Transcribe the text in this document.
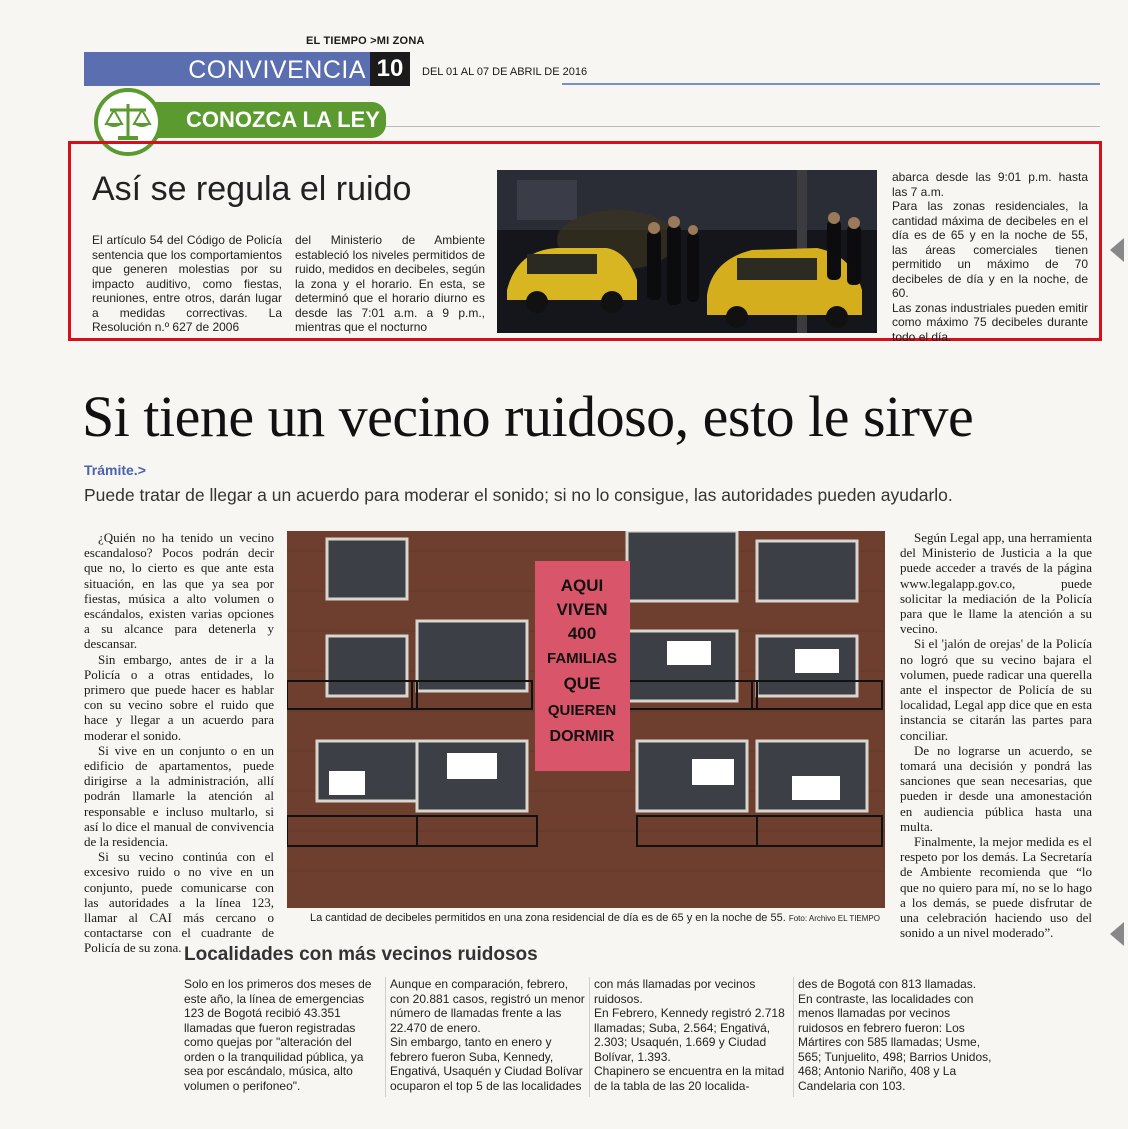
EL TIEMPO >MI ZONA
CONVIVENCIA 10	DEL 01 AL 07 DE ABRIL DE 2016
CONOZCA LA LEY
Así se regula el ruido
El artículo 54 del Código de Policía sentencia que los comportamientos que generen molestias por su impacto auditivo, como fiestas, reuniones, entre otros, darán lugar a medidas correctivas. La Resolución n.º 627 de 2006
del Ministerio de Ambiente estableció los niveles permitidos de ruido, medidos en decibeles, según la zona y el horario. En esta, se determinó que el horario diurno es desde las 7:01 a.m. a 9 p.m., mientras que el nocturno
abarca desde las 9:01 p.m. hasta las 7 a.m.
Para las zonas residenciales, la cantidad máxima de decibeles en el día es de 65 y en la noche de 55, las áreas comerciales tienen permitido un máximo de 70 decibeles de día y en la noche, de 60.
Las zonas industriales pueden emitir como máximo 75 decibeles durante todo el día.
Si tiene un vecino ruidoso, esto le sirve
Trámite.>
Puede tratar de llegar a un acuerdo para moderar el sonido; si no lo consigue, las autoridades pueden ayudarlo.

¿Quién no ha tenido un vecino escandaloso? Pocos podrán decir que no, lo cierto es que ante esta situación, en las que ya sea por fiestas, música a alto volumen o escándalos, existen varias opciones a su alcance para detenerla y descansar.

Sin embargo, antes de ir a la Policía o a otras entidades, lo primero que puede hacer es hablar con su vecino sobre el ruido que hace y llegar a un acuerdo para moderar el sonido.

Si vive en un conjunto o en un edificio de apartamentos, puede dirigirse a la administración, allí podrán llamarle la atención al responsable e incluso multarlo, si así lo dice el manual de convivencia de la residencia.

Si su vecino continúa con el excesivo ruido o no vive en un conjunto, puede comunicarse con las autoridades a la línea 123, llamar al CAI más cercano o contactarse con el cuadrante de Policía de su zona.

AQUI
VIVEN
400
FAMILIAS
QUE
QUIEREN
DORMIR
La cantidad de decibeles permitidos en una zona residencial de día es de 65 y en la noche de 55. Foto: Archivo EL TIEMPO

Según Legal app, una herramienta del Ministerio de Justicia a la que puede acceder a través de la página www.legalapp.gov.co, puede solicitar la mediación de la Policía para que le llame la atención a su vecino.

Si el 'jalón de orejas' de la Policía no logró que su vecino bajara el volumen, puede radicar una querella ante el inspector de Policía de su localidad, Legal app dice que en esta instancia se citarán las partes para conciliar.

De no lograrse un acuerdo, se tomará una decisión y pondrá las sanciones que sean necesarias, que pueden ir desde una amonestación en audiencia pública hasta una multa.

Finalmente, la mejor medida es el respeto por los demás. La Secretaría de Ambiente recomienda que “lo que no quiero para mí, no se lo hago a los demás, se puede disfrutar de una celebración haciendo uso del sonido a un nivel moderado”.

Localidades con más vecinos ruidosos
Solo en los primeros dos meses de este año, la línea de emergencias 123 de Bogotá recibió 43.351 llamadas que fueron registradas como quejas por "alteración del orden o la tranquilidad pública, ya sea por escándalo, música, alto volumen o perifoneo".
Aunque en comparación, febrero, con 20.881 casos, registró un menor número de llamadas frente a las 22.470 de enero.
Sin embargo, tanto en enero y febrero fueron Suba, Kennedy, Engativá, Usaquén y Ciudad Bolívar ocuparon el top 5 de las localidades
con más llamadas por vecinos ruidosos.
En Febrero, Kennedy registró 2.718 llamadas; Suba, 2.564; Engativá, 2.303; Usaquén, 1.669 y Ciudad Bolívar, 1.393.
Chapinero se encuentra en la mitad de la tabla de las 20 localida-
des de Bogotá con 813 llamadas.
En contraste, las localidades con menos llamadas por vecinos ruidosos en febrero fueron: Los Mártires con 585 llamadas; Usme, 565; Tunjuelito, 498; Barrios Unidos, 468; Antonio Nariño, 408 y La Candelaria con 103.
